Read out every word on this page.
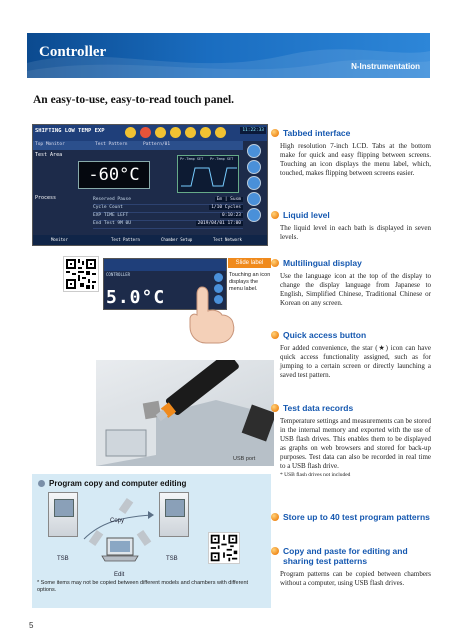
Controller
N-Instrumentation
An easy-to-use, easy-to-read touch panel.
SHIFTING LOW TEMP EXP	11:22:33
Top Monitor	Test Pattern	Pattern/01
Test Area
-60°C
Pr.Temp SET Pr.Temp SET
Process	Reserved Pause	Em | Susm
Cycle Count	1/10 Cycles
EXP TIME LEFT	0:10:23
End Test 9M 0U	2019/04/01 17:00
Monitor	Test Pattern	Chamber Setup	Test Network
CONTROLLER
5.0°C
Slide label
Touching an icon displays the menu label.
USB port
Tabbed interface
High resolution 7-inch LCD. Tabs at the bottom make for quick and easy flipping between screens. Touching an icon displays the menu label, which, touched, makes flipping between screens easier.
Liquid level
The liquid level in each bath is displayed in seven levels.
Multilingual display
Use the language icon at the top of the display to change the display language from Japanese to English, Simplified Chinese, Traditional Chinese or Korean on any screen.
Quick access button
For added convenience, the star (★) icon can have quick access functionality assigned, such as for jumping to a certain screen or directly launching a saved test pattern.
Test data records
Temperature settings and measurements can be stored in the internal memory and exported with the use of USB flash drives. This enables them to be displayed as graphs on web browsers and stored for back-up purposes. Test data can also be recorded in real time to a USB flash drive.
* USB flash drives not included
Store up to 40 test program patterns
Copy and paste for editing and sharing test patterns
Program patterns can be copied between chambers without a computer, using USB flash drives.
Program copy and computer editing
Copy
TSB	TSB
Edit
* Some items may not be copied between different models and chambers with different options.
5
